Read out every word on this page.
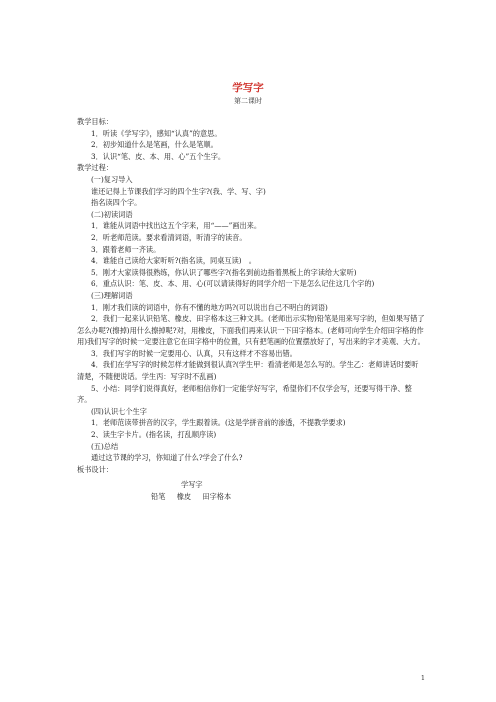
学写字
第二课时

教学目标：

1．听读《学写字》，感知“认真”的意思。

2．初步知道什么是笔画，什么是笔顺。

3．认识“笔、皮、本、用、心”五个生字。

教学过程：

(一)复习导入

谁还记得上节课我们学习的四个生字?(我、学、写、字)

指名读四个字。

(二)初读词语

1．谁能从词语中找出这五个字来，用“——”画出来。

2．听老师范读。要求看清词语，听清字的读音。

3．跟着老师一齐读。

4．谁能自己读给大家听听?(指名读，同桌互读)　。

5．刚才大家读得很熟练，你认识了哪些字?(指名到前边指着黑板上的字读给大家听)

6．重点认识：笔、皮、本、用、心(可以请读得好的同学介绍一下是怎么记住这几个字的)

(三)理解词语

1．刚才我们读的词语中，你有不懂的地方吗?(可以说出自己不明白的词语)

2．我们一起来认识铅笔、橡皮、田字格本这三种文具。(老师出示实物)铅笔是用来写字的，但如果写错了怎么办呢?(擦掉)用什么擦掉呢?对，用橡皮，下面我们再来认识一下田字格本。(老师可向学生介绍田字格的作用)我们写字的时候一定要注意它在田字格中的位置，只有把笔画的位置摆放好了，写出来的字才美观、大方。

3．我们写字的时候一定要用心、认真，只有这样才不容易出错。

4．我们在学写字的时候怎样才能做到很认真?(学生甲：看清老师是怎么写的。学生乙：老师讲话时要听清楚，不随便说话。学生丙：写字时不乱画)

5、小结：同学们说得真好，老师相信你们一定能学好写字，希望你们不仅学会写，还要写得干净、整齐。

(四)认识七个生字

1．老师范读带拼音的汉字，学生跟着读。(这是学拼音前的渗透，不提教学要求)

2、读生字卡片。(指名读，打乱顺序读)

(五)总结

通过这节课的学习，你知道了什么?学会了什么?

板书设计：

学写字

铅笔 橡皮 田字格本

1
